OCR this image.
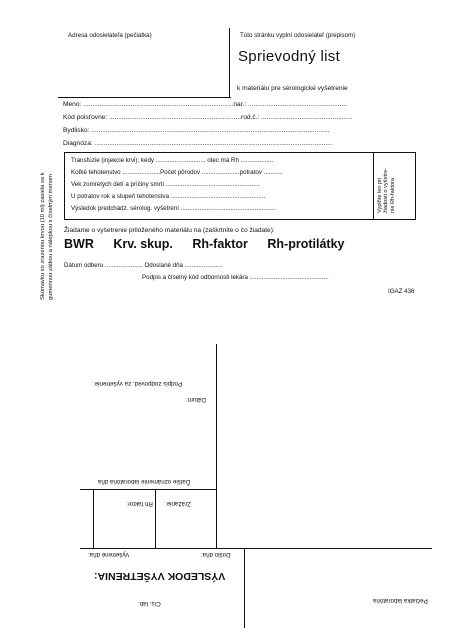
Skúmavku so zrazenou krvou (10 ml) zasiela sa k gumennou zátkou a nálepkou s číselným menom
Adresa odosielateľa (pečiatka)	Túto stránku vyplní odosielateľ (prepisom)
Sprievodný list
k materiálu pre sérologické vyšetrenie
Meno: ..................................................................................nar.: ......................................................
Kód poisťovne: ........................................................................rod.č.: ..................................................
Bydlisko: ..................................................................................................................................
Diagnóza: ..................................................................................................................................
Transfúzie (injekcie krvi); kedy ............................. otec má Rh ...................
Koľké tehotenstvo ......................Počet pôrodov ......................potratov ...........
Vek zomretých detí a príčiny smrti .......................................................
U potratov rok a stupeň tehotenstva .......................................................
Výsledok predchádz. sérolog. vyšetrení .......................................................	Vyplňte len pri žiadosti o vyšetre- nie Rh-faktora
Žiadame o vyšetrenie priloženého materiálu na (zaškrtnite o čo žiadate):
BWR Krv. skup. Rh-faktor Rh-protilátky
Dátum odberu ...................... Odoslané dňa ......................
Podpis a číselný kód odbornosti lekára ..............................................
IGAZ 436
Podpis zodpoved. za vyšetrenie:
Dátum:
Ďalšie oznámenie laboratória dňa
Zrážanie:
Rh faktor:
Vyšetrené dňa:	Došlo dňa:
VÝSLEDOK VYŠETRENIA:
Čís. lab.	Pečiatka laboratória
